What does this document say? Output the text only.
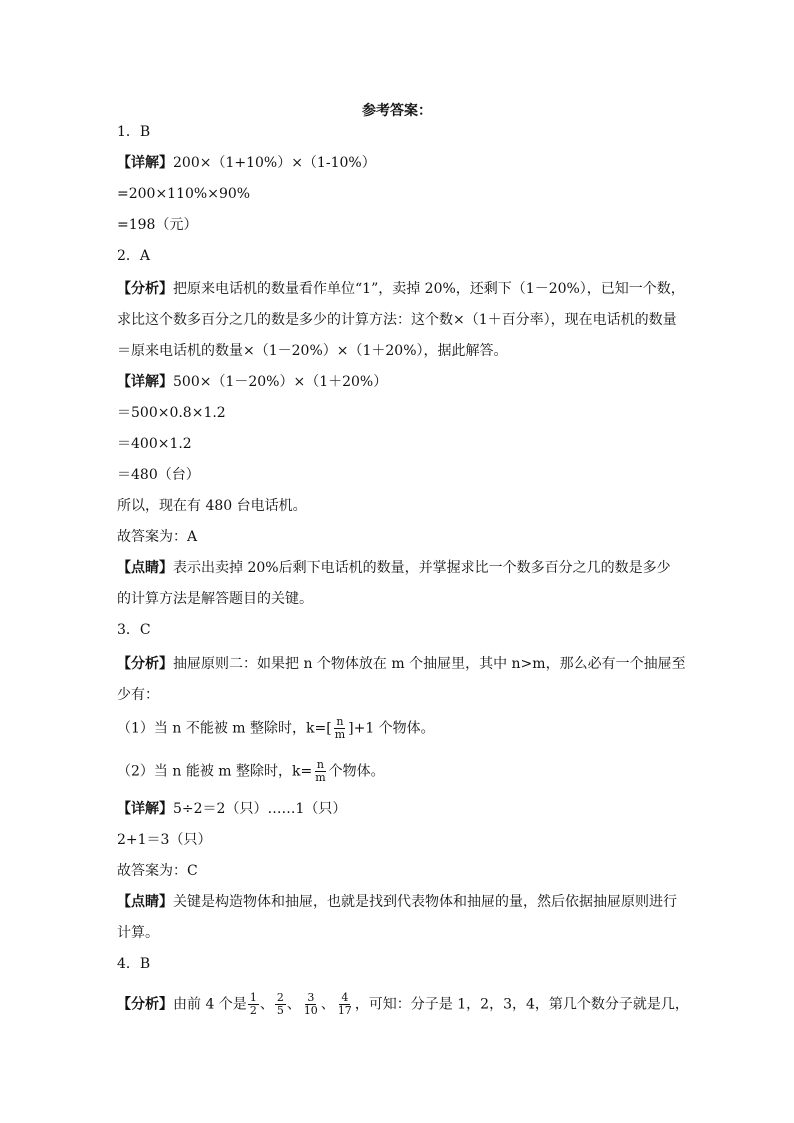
参考答案：
1．B
【详解】200×（1+10%）×（1-10%）
=200×110%×90%
=198（元）
2．A
【分析】把原来电话机的数量看作单位“1”，卖掉 20%，还剩下（1－20%），已知一个数，
求比这个数多百分之几的数是多少的计算方法：这个数×（1＋百分率），现在电话机的数量
＝原来电话机的数量×（1－20%）×（1＋20%），据此解答。
【详解】500×（1－20%）×（1＋20%）
＝500×0.8×1.2
＝400×1.2
＝480（台）
所以，现在有 480 台电话机。
故答案为：A
【点睛】表示出卖掉 20%后剩下电话机的数量，并掌握求比一个数多百分之几的数是多少
的计算方法是解答题目的关键。
3．C
【分析】抽屉原则二：如果把 n 个物体放在 m 个抽屉里，其中 n>m，那么必有一个抽屉至
少有：
（1）当 n 不能被 m 整除时，$k=[ \frac{n}{m} ]+1$ 个物体。
（2）当 n 能被 m 整除时，$k= \frac{n}{m}$ 个物体。
【详解】5÷2＝2（只）……1（只）
2+1＝3（只）
故答案为：C
【点睛】关键是构造物体和抽屉，也就是找到代表物体和抽屉的量，然后依据抽屉原则进行
计算。
4．B
【分析】由前 4 个是 $\frac{1}{2}$ 、 $\frac{2}{5}$ 、 $\frac{3}{10}$ 、 $\frac{4}{17}$ ，可知：分子是 1，2，3，4，第几个数分子就是几，
